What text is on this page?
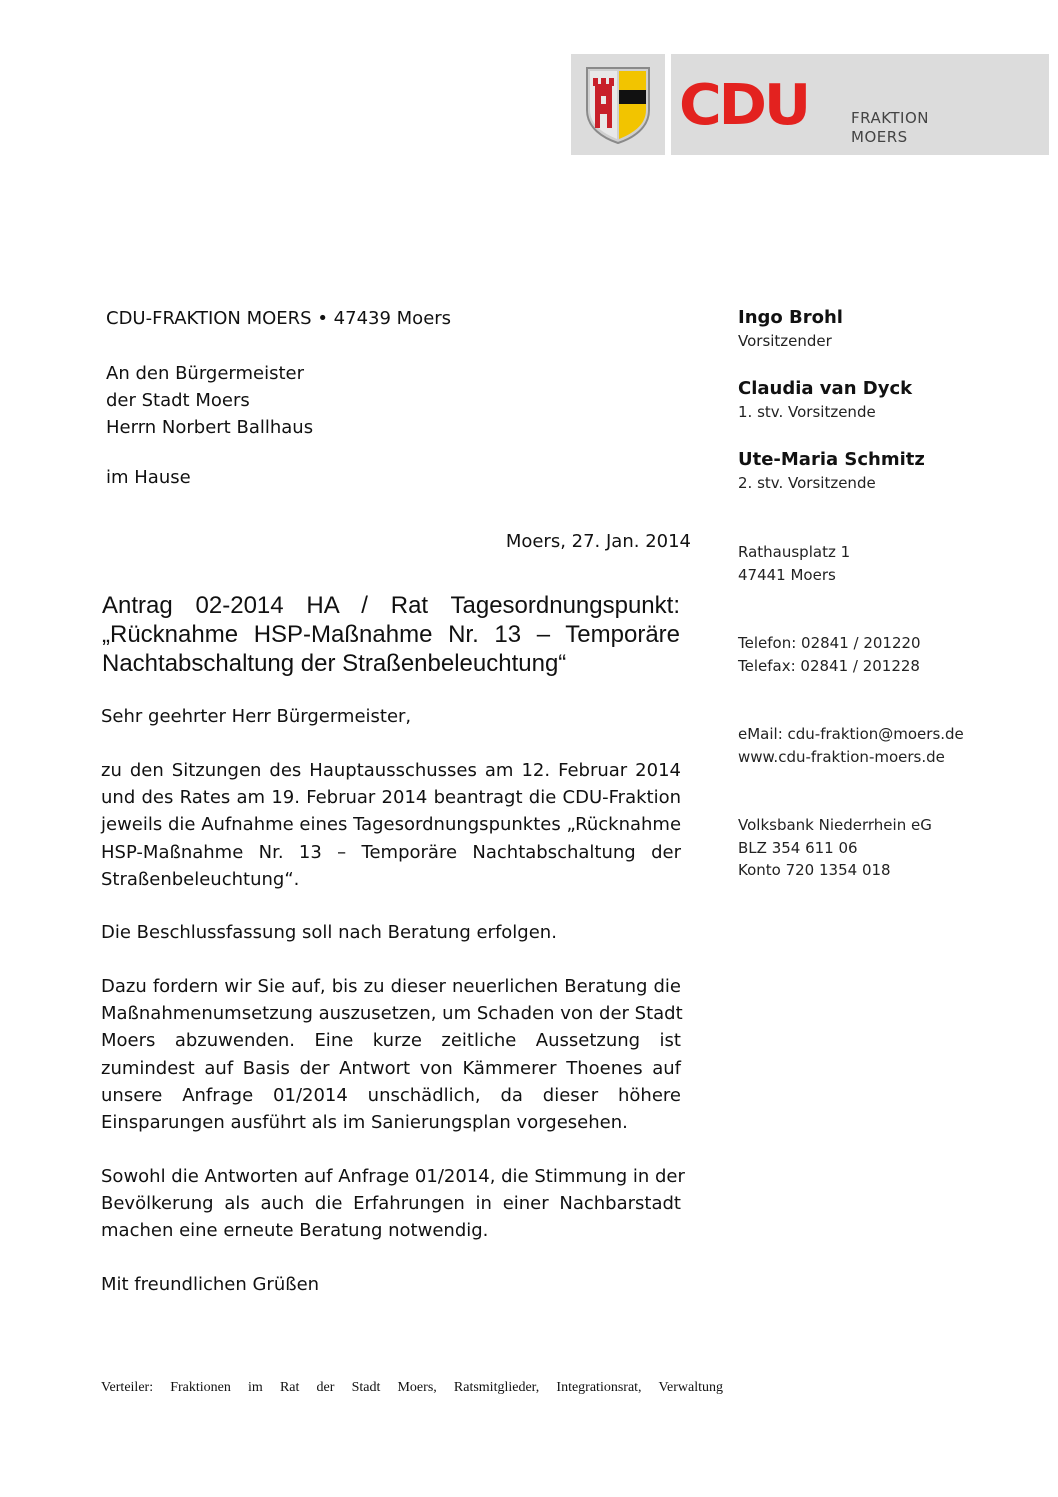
CDU	FRAKTION
MOERS
CDU-FRAKTION MOERS • 47439 Moers
An den Bürgermeister
der Stadt Moers
Herrn Norbert Ballhaus
im Hause
Moers, 27. Jan. 2014
Antrag 02-2014 HA / Rat Tagesordnungspunkt:
„Rücknahme HSP-Maßnahme Nr. 13 – Temporäre
Nachtabschaltung der Straßenbeleuchtung“
Sehr geehrter Herr Bürgermeister,
zu den Sitzungen des Hauptausschusses am 12. Februar 2014
und des Rates am 19. Februar 2014 beantragt die CDU-Fraktion
jeweils die Aufnahme eines Tagesordnungspunktes „Rücknahme
HSP-Maßnahme Nr. 13 – Temporäre Nachtabschaltung der
Straßenbeleuchtung“.
Die Beschlussfassung soll nach Beratung erfolgen.
Dazu fordern wir Sie auf, bis zu dieser neuerlichen Beratung die
Maßnahmenumsetzung auszusetzen, um Schaden von der Stadt
Moers abzuwenden. Eine kurze zeitliche Aussetzung ist
zumindest auf Basis der Antwort von Kämmerer Thoenes auf
unsere Anfrage 01/2014 unschädlich, da dieser höhere
Einsparungen ausführt als im Sanierungsplan vorgesehen.
Sowohl die Antworten auf Anfrage 01/2014, die Stimmung in der
Bevölkerung als auch die Erfahrungen in einer Nachbarstadt
machen eine erneute Beratung notwendig.
Mit freundlichen Grüßen
Ingo Brohl
Vorsitzender
Claudia van Dyck
1. stv. Vorsitzende
Ute-Maria Schmitz
2. stv. Vorsitzende
Rathausplatz 1
47441 Moers
Telefon: 02841 / 201220
Telefax: 02841 / 201228
eMail: cdu-fraktion@moers.de
www.cdu-fraktion-moers.de
Volksbank Niederrhein eG
BLZ 354 611 06
Konto 720 1354 018
Verteiler: Fraktionen im Rat der Stadt Moers, Ratsmitglieder, Integrationsrat, Verwaltung
